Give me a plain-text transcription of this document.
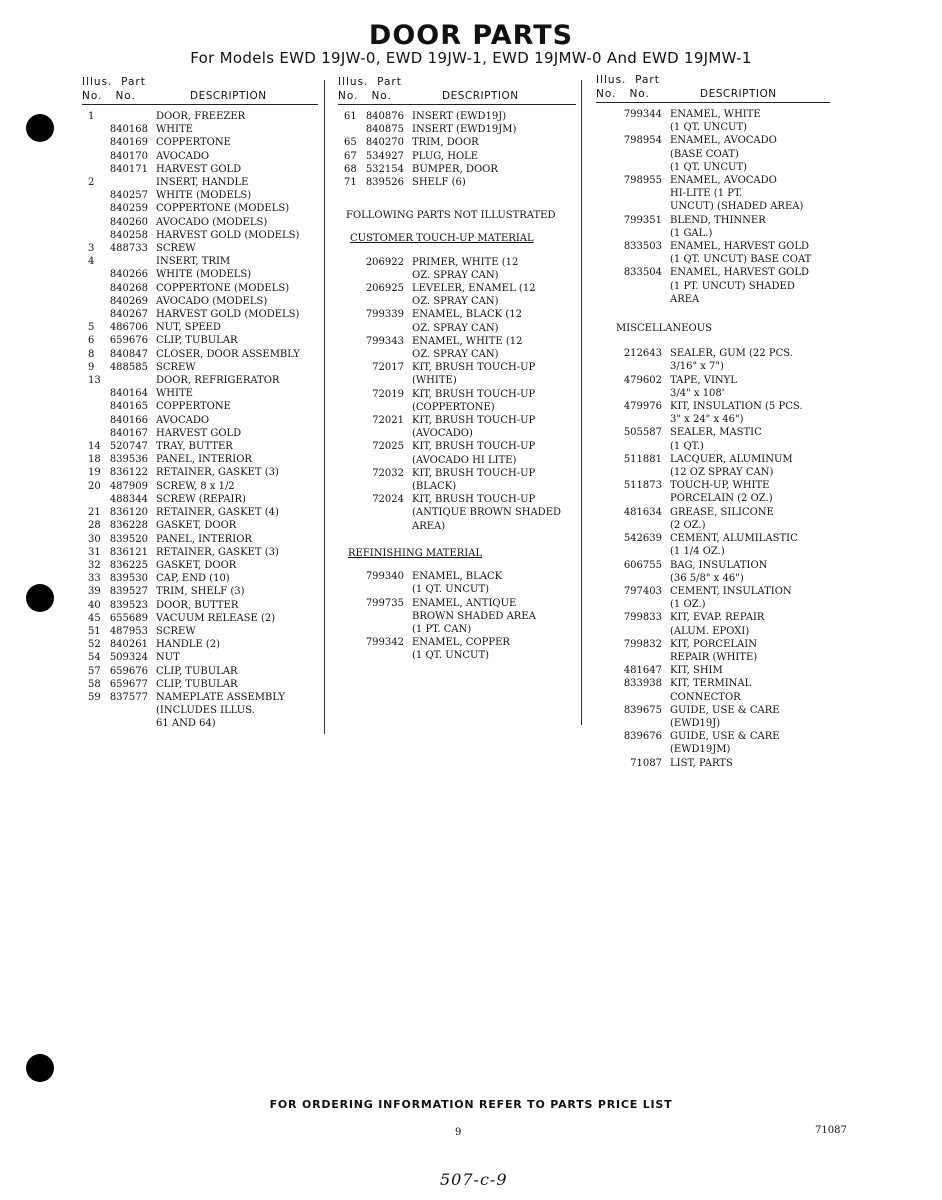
DOOR PARTS
For Models EWD 19JW-0, EWD 19JW-1, EWD 19JMW-0 And EWD 19JMW-1
Illus. Part
No. No.	DESCRIPTION
1	DOOR, FREEZER
840168 WHITE
840169 COPPERTONE
840170 AVOCADO
840171 HARVEST GOLD
2	INSERT, HANDLE
840257 WHITE (MODELS)
840259 COPPERTONE (MODELS)
840260 AVOCADO (MODELS)
840258 HARVEST GOLD (MODELS)
3	488733 SCREW
4	INSERT, TRIM
840266 WHITE (MODELS)
840268 COPPERTONE (MODELS)
840269 AVOCADO (MODELS)
840267 HARVEST GOLD (MODELS)
5	486706 NUT, SPEED
6	659676 CLIP, TUBULAR
8	840847 CLOSER, DOOR ASSEMBLY
9	488585 SCREW
13	DOOR, REFRIGERATOR
840164 WHITE
840165 COPPERTONE
840166 AVOCADO
840167 HARVEST GOLD
14 520747 TRAY, BUTTER
18 839536 PANEL, INTERIOR
19 836122 RETAINER, GASKET (3)
20 487909 SCREW, 8 x 1/2
488344 SCREW (REPAIR)
21 836120 RETAINER, GASKET (4)
28 836228 GASKET, DOOR
30 839520 PANEL, INTERIOR
31 836121 RETAINER, GASKET (3)
32 836225 GASKET, DOOR
33 839530 CAP, END (10)
39 839527 TRIM, SHELF (3)
40 839523 DOOR, BUTTER
45 655689 VACUUM RELEASE (2)
51 487953 SCREW
52 840261 HANDLE (2)
54 509324 NUT
57 659676 CLIP, TUBULAR
58 659677 CLIP, TUBULAR
59 837577 NAMEPLATE ASSEMBLY
(INCLUDES ILLUS.
61 AND 64)
Illus. Part
No. No.	DESCRIPTION
61 840876 INSERT (EWD19J)
840875 INSERT (EWD19JM)
65 840270 TRIM, DOOR
67 534927 PLUG, HOLE
68 532154 BUMPER, DOOR
71 839526 SHELF (6)
FOLLOWING PARTS NOT ILLUSTRATED
CUSTOMER TOUCH-UP MATERIAL
206922 PRIMER, WHITE (12
OZ. SPRAY CAN)
206925 LEVELER, ENAMEL (12
OZ. SPRAY CAN)
799339 ENAMEL, BLACK (12
OZ. SPRAY CAN)
799343 ENAMEL, WHITE (12
OZ. SPRAY CAN)
72017 KIT, BRUSH TOUCH-UP
(WHITE)
72019 KIT, BRUSH TOUCH-UP
(COPPERTONE)
72021 KIT, BRUSH TOUCH-UP
(AVOCADO)
72025 KIT, BRUSH TOUCH-UP
(AVOCADO HI LITE)
72032 KIT, BRUSH TOUCH-UP
(BLACK)
72024 KIT, BRUSH TOUCH-UP
(ANTIQUE BROWN SHADED
AREA)
REFINISHING MATERIAL
799340 ENAMEL, BLACK
(1 QT. UNCUT)
799735 ENAMEL, ANTIQUE
BROWN SHADED AREA
(1 PT. CAN)
799342 ENAMEL, COPPER
(1 QT. UNCUT)
Illus. Part
No. No.	DESCRIPTION
799344 ENAMEL, WHITE
(1 QT. UNCUT)
798954 ENAMEL, AVOCADO
(BASE COAT)
(1 QT. UNCUT)
798955 ENAMEL, AVOCADO
HI-LITE (1 PT.
UNCUT) (SHADED AREA)
799351 BLEND, THINNER
(1 GAL.)
833503 ENAMEL, HARVEST GOLD
(1 QT. UNCUT) BASE COAT
833504 ENAMEL, HARVEST GOLD
(1 PT. UNCUT) SHADED
AREA
MISCELLANEOUS
212643 SEALER, GUM (22 PCS.
3/16" x 7")
479602 TAPE, VINYL
3/4" x 108'
479976 KIT, INSULATION (5 PCS.
3" x 24" x 46")
505587 SEALER, MASTIC
(1 QT.)
511881 LACQUER, ALUMINUM
(12 OZ SPRAY CAN)
511873 TOUCH-UP, WHITE
PORCELAIN (2 OZ.)
481634 GREASE, SILICONE
(2 OZ.)
542639 CEMENT, ALUMILASTIC
(1 1/4 OZ.)
606755 BAG, INSULATION
(36 5/8" x 46")
797403 CEMENT, INSULATION
(1 OZ.)
799833 KIT, EVAP. REPAIR
(ALUM. EPOXI)
799832 KIT, PORCELAIN
REPAIR (WHITE)
481647 KIT, SHIM
833938 KIT, TERMINAL
CONNECTOR
839675 GUIDE, USE & CARE
(EWD19J)
839676 GUIDE, USE & CARE
(EWD19JM)
71087 LIST, PARTS
FOR ORDERING INFORMATION REFER TO PARTS PRICE LIST
9	71087
507-c-9
